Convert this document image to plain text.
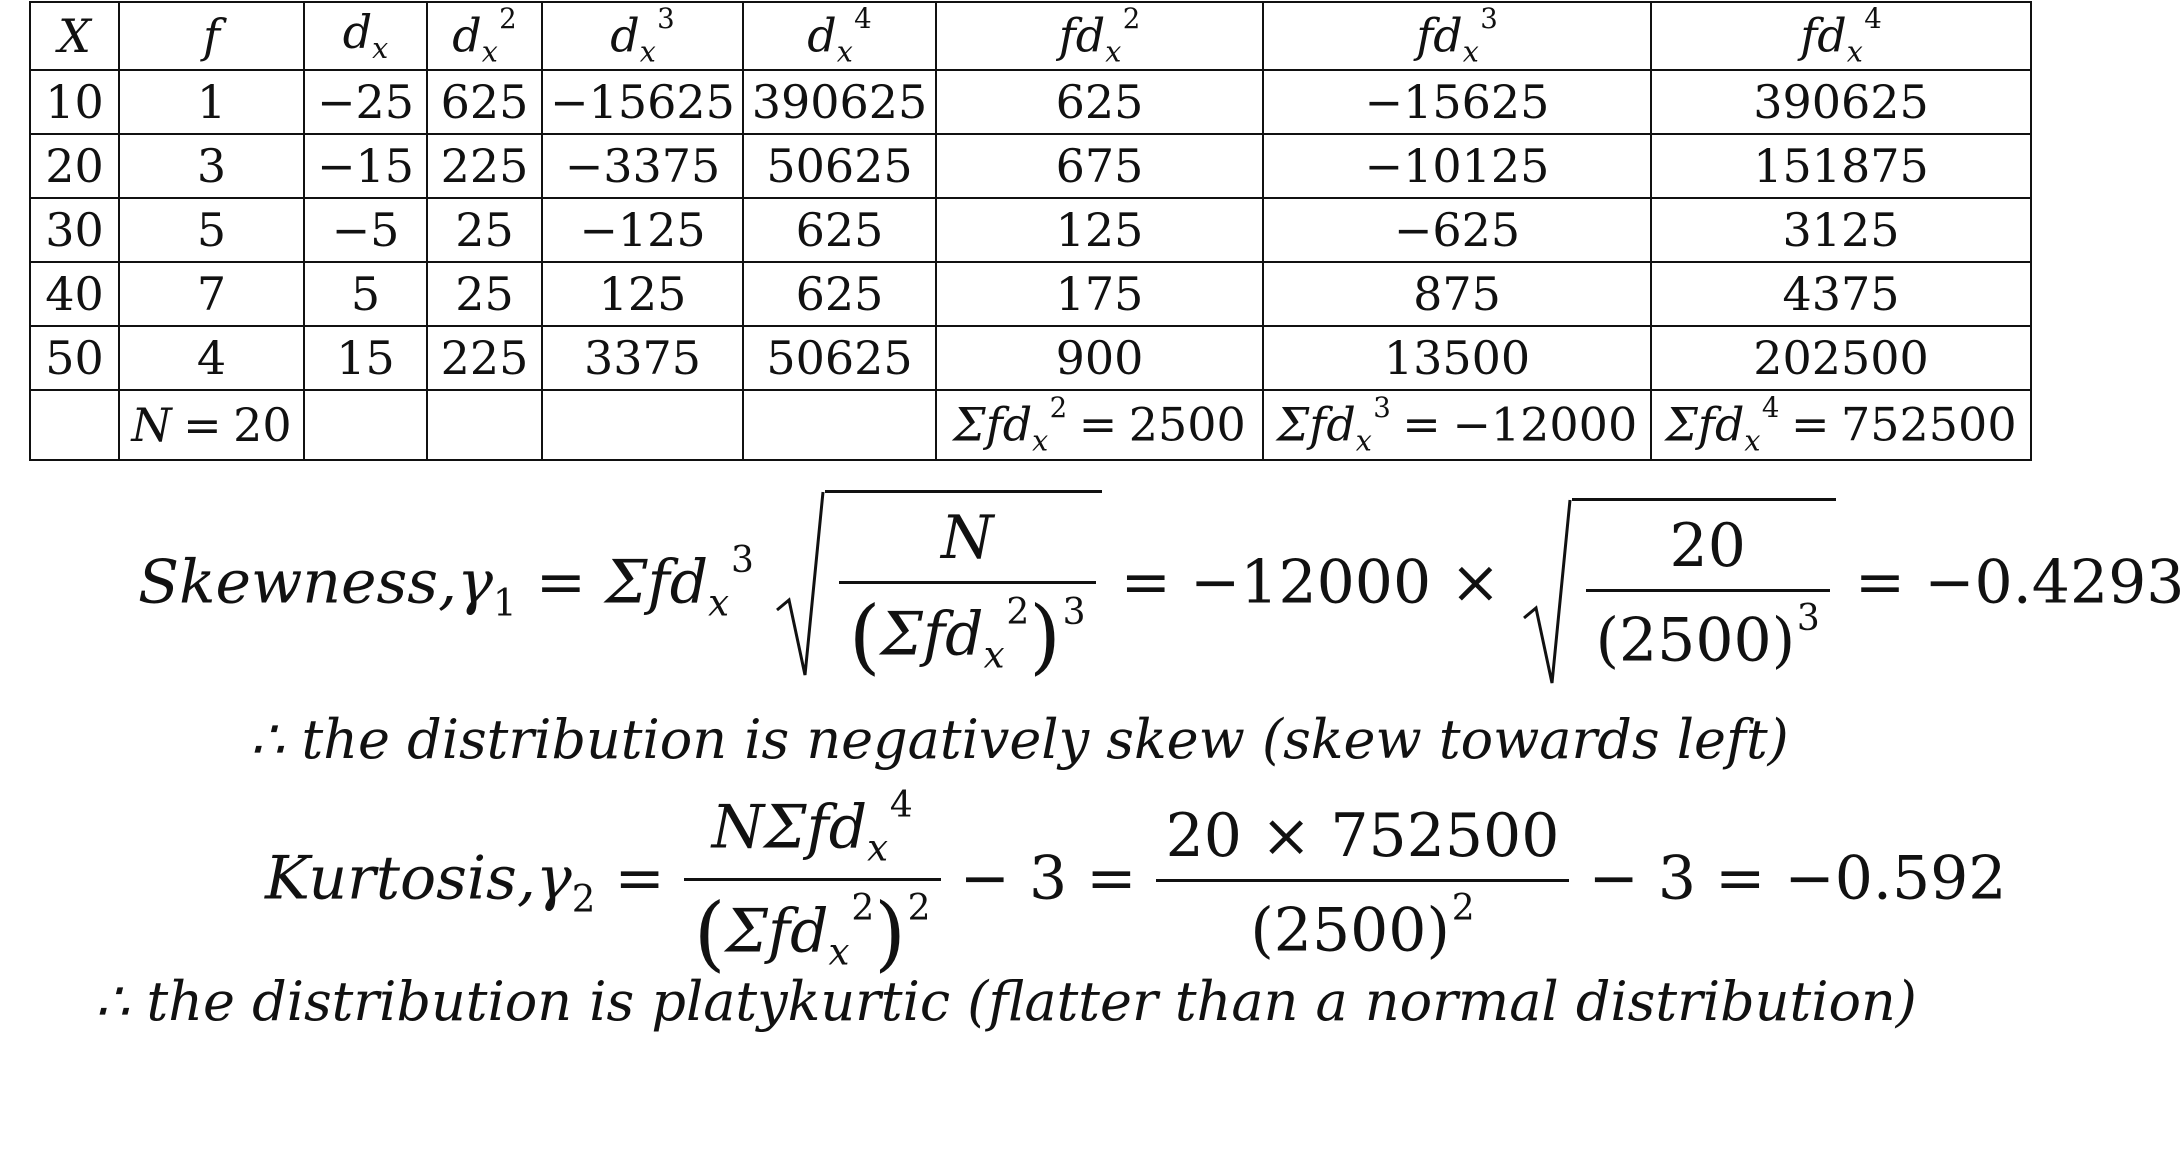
X	f	$d_x$	$d_x^2$	$d_x^3$	$d_x^4$	$fd_x^2$	$fd_x^3$	$fd_x^4$
10	1	−25	625	−15625	390625	625	−15625	390625
20	3	−15	225	−3375	50625	675	−10125	151875
30	5	−5	25	−125	625	125	−625	3125
40	7	5	25	125	625	175	875	4375
50	4	15	225	3375	50625	900	13500	202500
	N = 20					Σfd$_x^2$ = 2500	Σfd$_x^3$ = −12000	Σfd$_x^4$ = 752500
$Skewness,\gamma_1 = \Sigma fd_x^3 \frac{N}{(\Sigma fd_x^2)^3} = -12000 \times \frac{20}{(2500)^3} = -0.4293$
∴ the distribution is negatively skew (skew towards left)
$Kurtosis,\gamma_2 = \frac{N\Sigma fd_x^4}{(\Sigma fd_x^2)^2} - 3 = \frac{20 \times 752500}{(2500)^2} - 3 = -0.592$
∴ the distribution is platykurtic (flatter than a normal distribution)
